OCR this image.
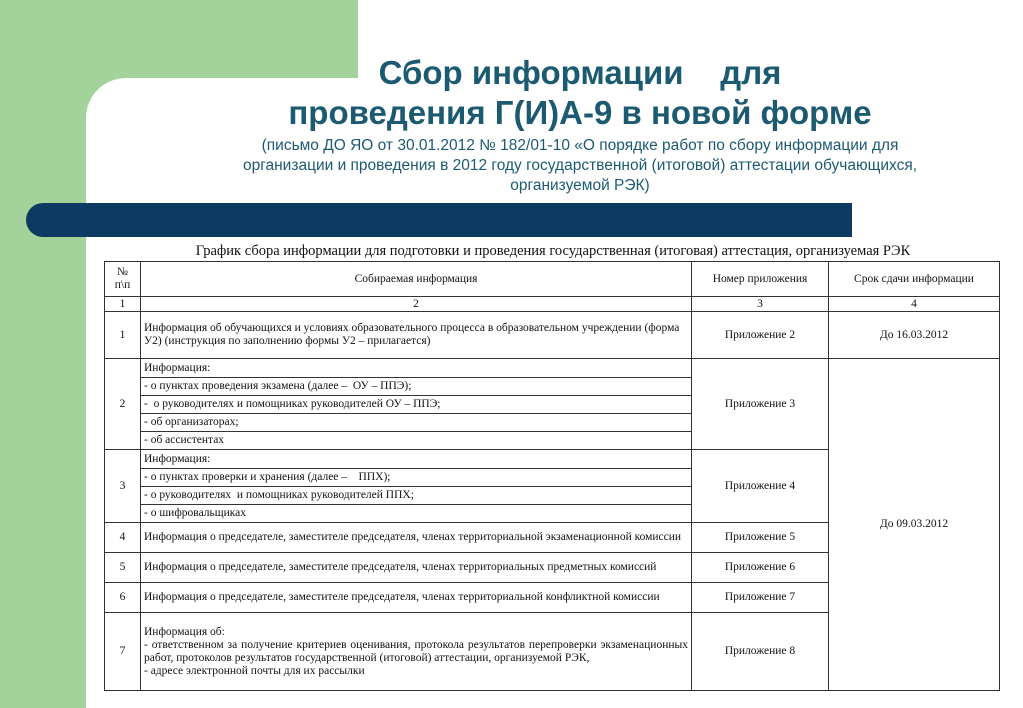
Сбор информации    для
проведения Г(И)А-9 в новой форме
(письмо ДО ЯО от 30.01.2012 № 182/01-10 «О порядке работ по сбору информации для
организации и проведения в 2012 году государственной (итоговой) аттестации обучающихся,
организуемой РЭК)
График сбора информации для подготовки и проведения государственная (итоговая) аттестация, организуемая РЭК
№ п\п	Собираемая информация	Номер приложения	Срок сдачи информации
1	2	3	4
1	Информация об обучающихся и условиях образовательного процесса в образовательном учреждении (форма У2) (инструкция по заполнению формы У2 – прилагается)	Приложение 2	До 16.03.2012
2	Информация:	Приложение 3	До 09.03.2012
	- о пунктах проведения экзамена (далее –  ОУ – ППЭ);		
	-  о руководителях и помощниках руководителей ОУ – ППЭ;		
	- об организаторах;		
	- об ассистентах		
3	Информация:	Приложение 4	
	- о пунктах проверки и хранения (далее –    ППХ);		
	- о руководителях  и помощниках руководителей ППХ;		
	- о шифровальщиках		
4	Информация о председателе, заместителе председателя, членах территориальной экзаменационной комиссии	Приложение 5	
5	Информация о председателе, заместителе председателя, членах территориальных предметных комиссий	Приложение 6	
6	Информация о председателе, заместителе председателя, членах территориальной конфликтной комиссии	Приложение 7	
7	Информация об:
- ответственном за получение критериев оценивания, протокола результатов перепроверки экзаменационных работ, протоколов результатов государственной (итоговой) аттестации, организуемой РЭК,
- адресе электронной почты для их рассылки	Приложение 8	
